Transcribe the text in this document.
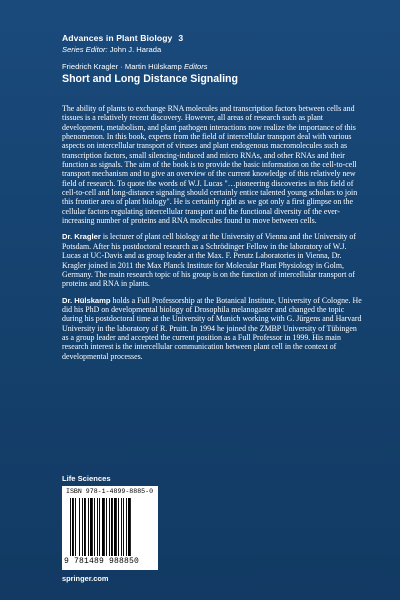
Advances in Plant Biology 3
Series Editor: John J. Harada
Friedrich Kragler · Martin Hülskamp Editors
Short and Long Distance Signaling

The ability of plants to exchange RNA molecules and transcription factors between cells and tissues is a relatively recent discovery. However, all areas of research such as plant development, metabolism, and plant pathogen interactions now realize the importance of this phenomenon. In this book, experts from the field of intercellular transport deal with various aspects on intercellular transport of viruses and plant endogenous macromolecules such as transcription factors, small silencing-induced and micro RNAs, and other RNAs and their function as signals. The aim of the book is to provide the basic information on the cell-to-cell transport mechanism and to give an overview of the current knowledge of this relatively new field of research. To quote the words of W.J. Lucas "…pioneering discoveries in this field of cell-to-cell and long-distance signaling should certainly entice talented young scholars to join this frontier area of plant biology". He is certainly right as we got only a first glimpse on the cellular factors regulating intercellular transport and the functional diversity of the ever-increasing number of proteins and RNA molecules found to move between cells.

Dr. Kragler is lecturer of plant cell biology at the University of Vienna and the University of Potsdam. After his postdoctoral research as a Schrödinger Fellow in the laboratory of W.J. Lucas at UC-Davis and as group leader at the Max. F. Perutz Laboratories in Vienna, Dr. Kragler joined in 2011 the Max Planck Institute for Molecular Plant Physiology in Golm, Germany. The main research topic of his group is on the function of intercellular transport of proteins and RNA in plants.

Dr. Hülskamp holds a Full Professorship at the Botanical Institute, University of Cologne. He did his PhD on developmental biology of Drosophila melanogaster and changed the topic during his postdoctoral time at the University of Munich working with G. Jürgens and Harvard University in the laboratory of R. Pruitt. In 1994 he joined the ZMBP University of Tübingen as a group leader and accepted the current position as a Full Professor in 1999. His main research interest is the intercellular communication between plant cell in the context of developmental processes.

Life Sciences
ISBN 978-1-4899-8885-0
9 781489 988850
springer.com
